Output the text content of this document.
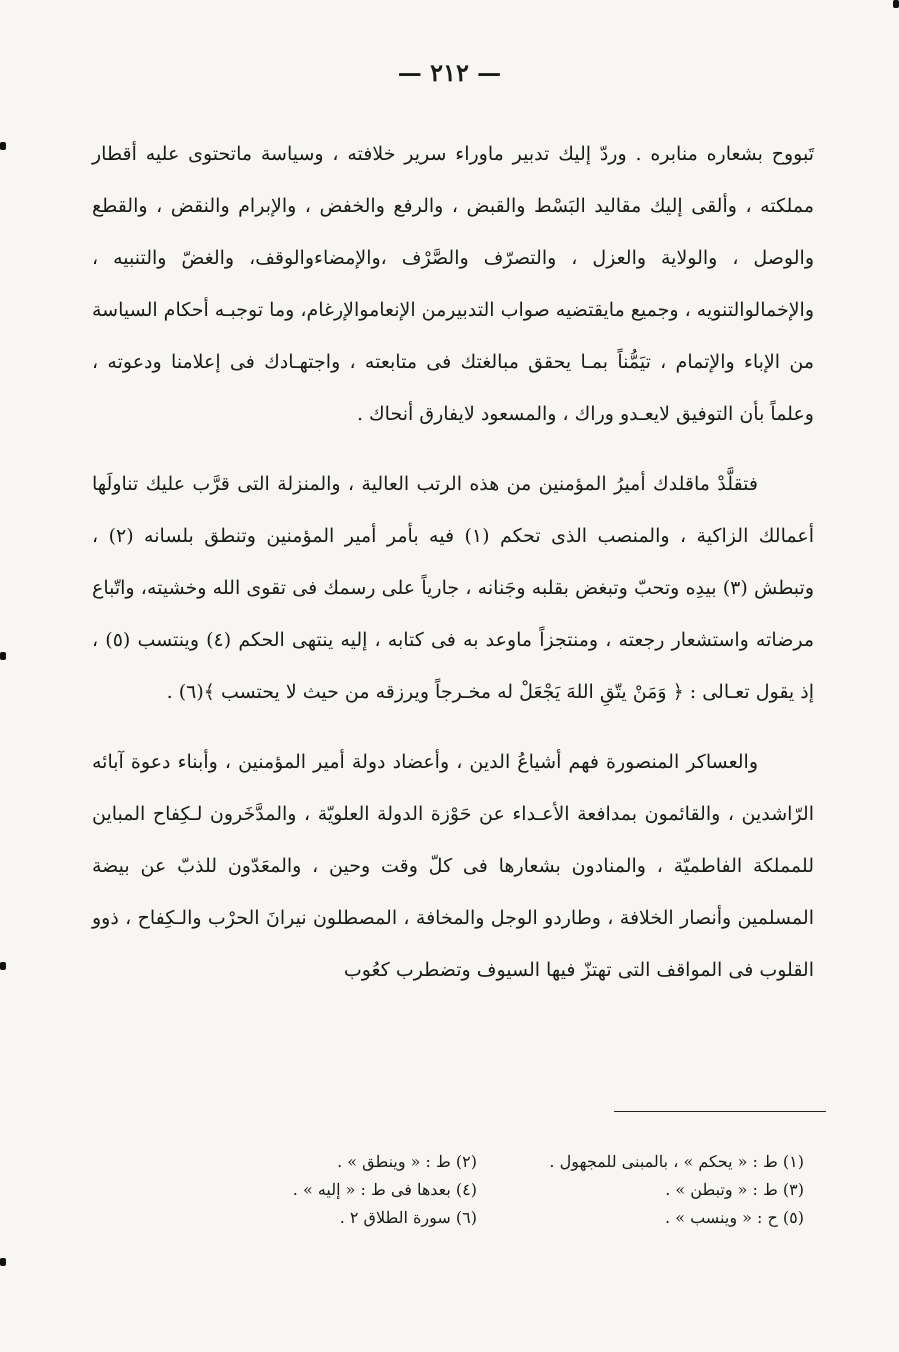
— ٢١٢ —

تَبووح بشعاره منابره . وردّ إليك تدبير ماوراء سرير خلافته ، وسياسة ماتحتوى عليه أقطار مملكته ، وألقى إليك مقاليد البَسْط والقبض ، والرفع والخفض ، والإبرام والنقض ، والقطع والوصل ، والولاية والعزل ، والتصرّف والصَّرْف ،والإمضاءوالوقف، والغضّ والتنبيه ، والإخمالوالتنويه ، وجميع مايقتضيه صواب التدبيرمن الإنعاموالإرغام، وما توجبـه أحكام السياسة من الإباء والإتمام ، تيَمُّناً بمـا يحقق مبالغتك فى متابعته ، واجتهـادك فى إعلامنا ودعوته ، وعلماً بأن التوفيق لايعـدو وراك ، والمسعود لايفارق أنحاك .

فتقلَّدْ ماقلدك أميرُ المؤمنين من هذه الرتب العالية ، والمنزلة التى قرَّب عليك تناولَها أعمالك الزاكية ، والمنصب الذى تحكم (١) فيه بأمر أمير المؤمنين وتنطق بلسانه (٢) ، وتبطش (٣) بيدِه وتحبّ وتبغض بقلبه وجَنانه ، جارياً على رسمك فى تقوى الله وخشيته، واتّباع مرضاته واستشعار رجعته ، ومنتجزاً ماوعد به فى كتابه ، إليه ينتهى الحكم (٤) وينتسب (٥) ، إذ يقول تعـالى : ﴿ وَمَنْ يتّقِ اللهَ يَجْعَلْ له مخـرجاً ويرزقه من حيث لا يحتسب ﴾(٦) .

والعساكر المنصورة فهم أشياعُ الدين ، وأعضاد دولة أمير المؤمنين ، وأبناء دعوة آبائه الرّاشدين ، والقائمون بمدافعة الأعـداء عن حَوْزة الدولة العلويّة ، والمدَّخَرون لـكِفاح المباين للمملكة الفاطميّة ، والمنادون بشعارها فى كلّ وقت وحين ، والمعَدّون للذبّ عن بيضة المسلمين وأنصار الخلافة ، وطاردو الوجل والمخافة ، المصطلون نيرانَ الحرْب والـكِفاح ، ذوو القلوب فى المواقف التى تهتزّ فيها السيوف وتضطرب كعُوب

(١) ط : « يحكم » ، بالمبنى للمجهول .
(٢) ط : « وينطق » .
(٣) ط : « وتبطن » .
(٤) بعدها فى ط : « إليه » .
(٥) ح : « وينسب » .
(٦) سورة الطلاق ٢ .
